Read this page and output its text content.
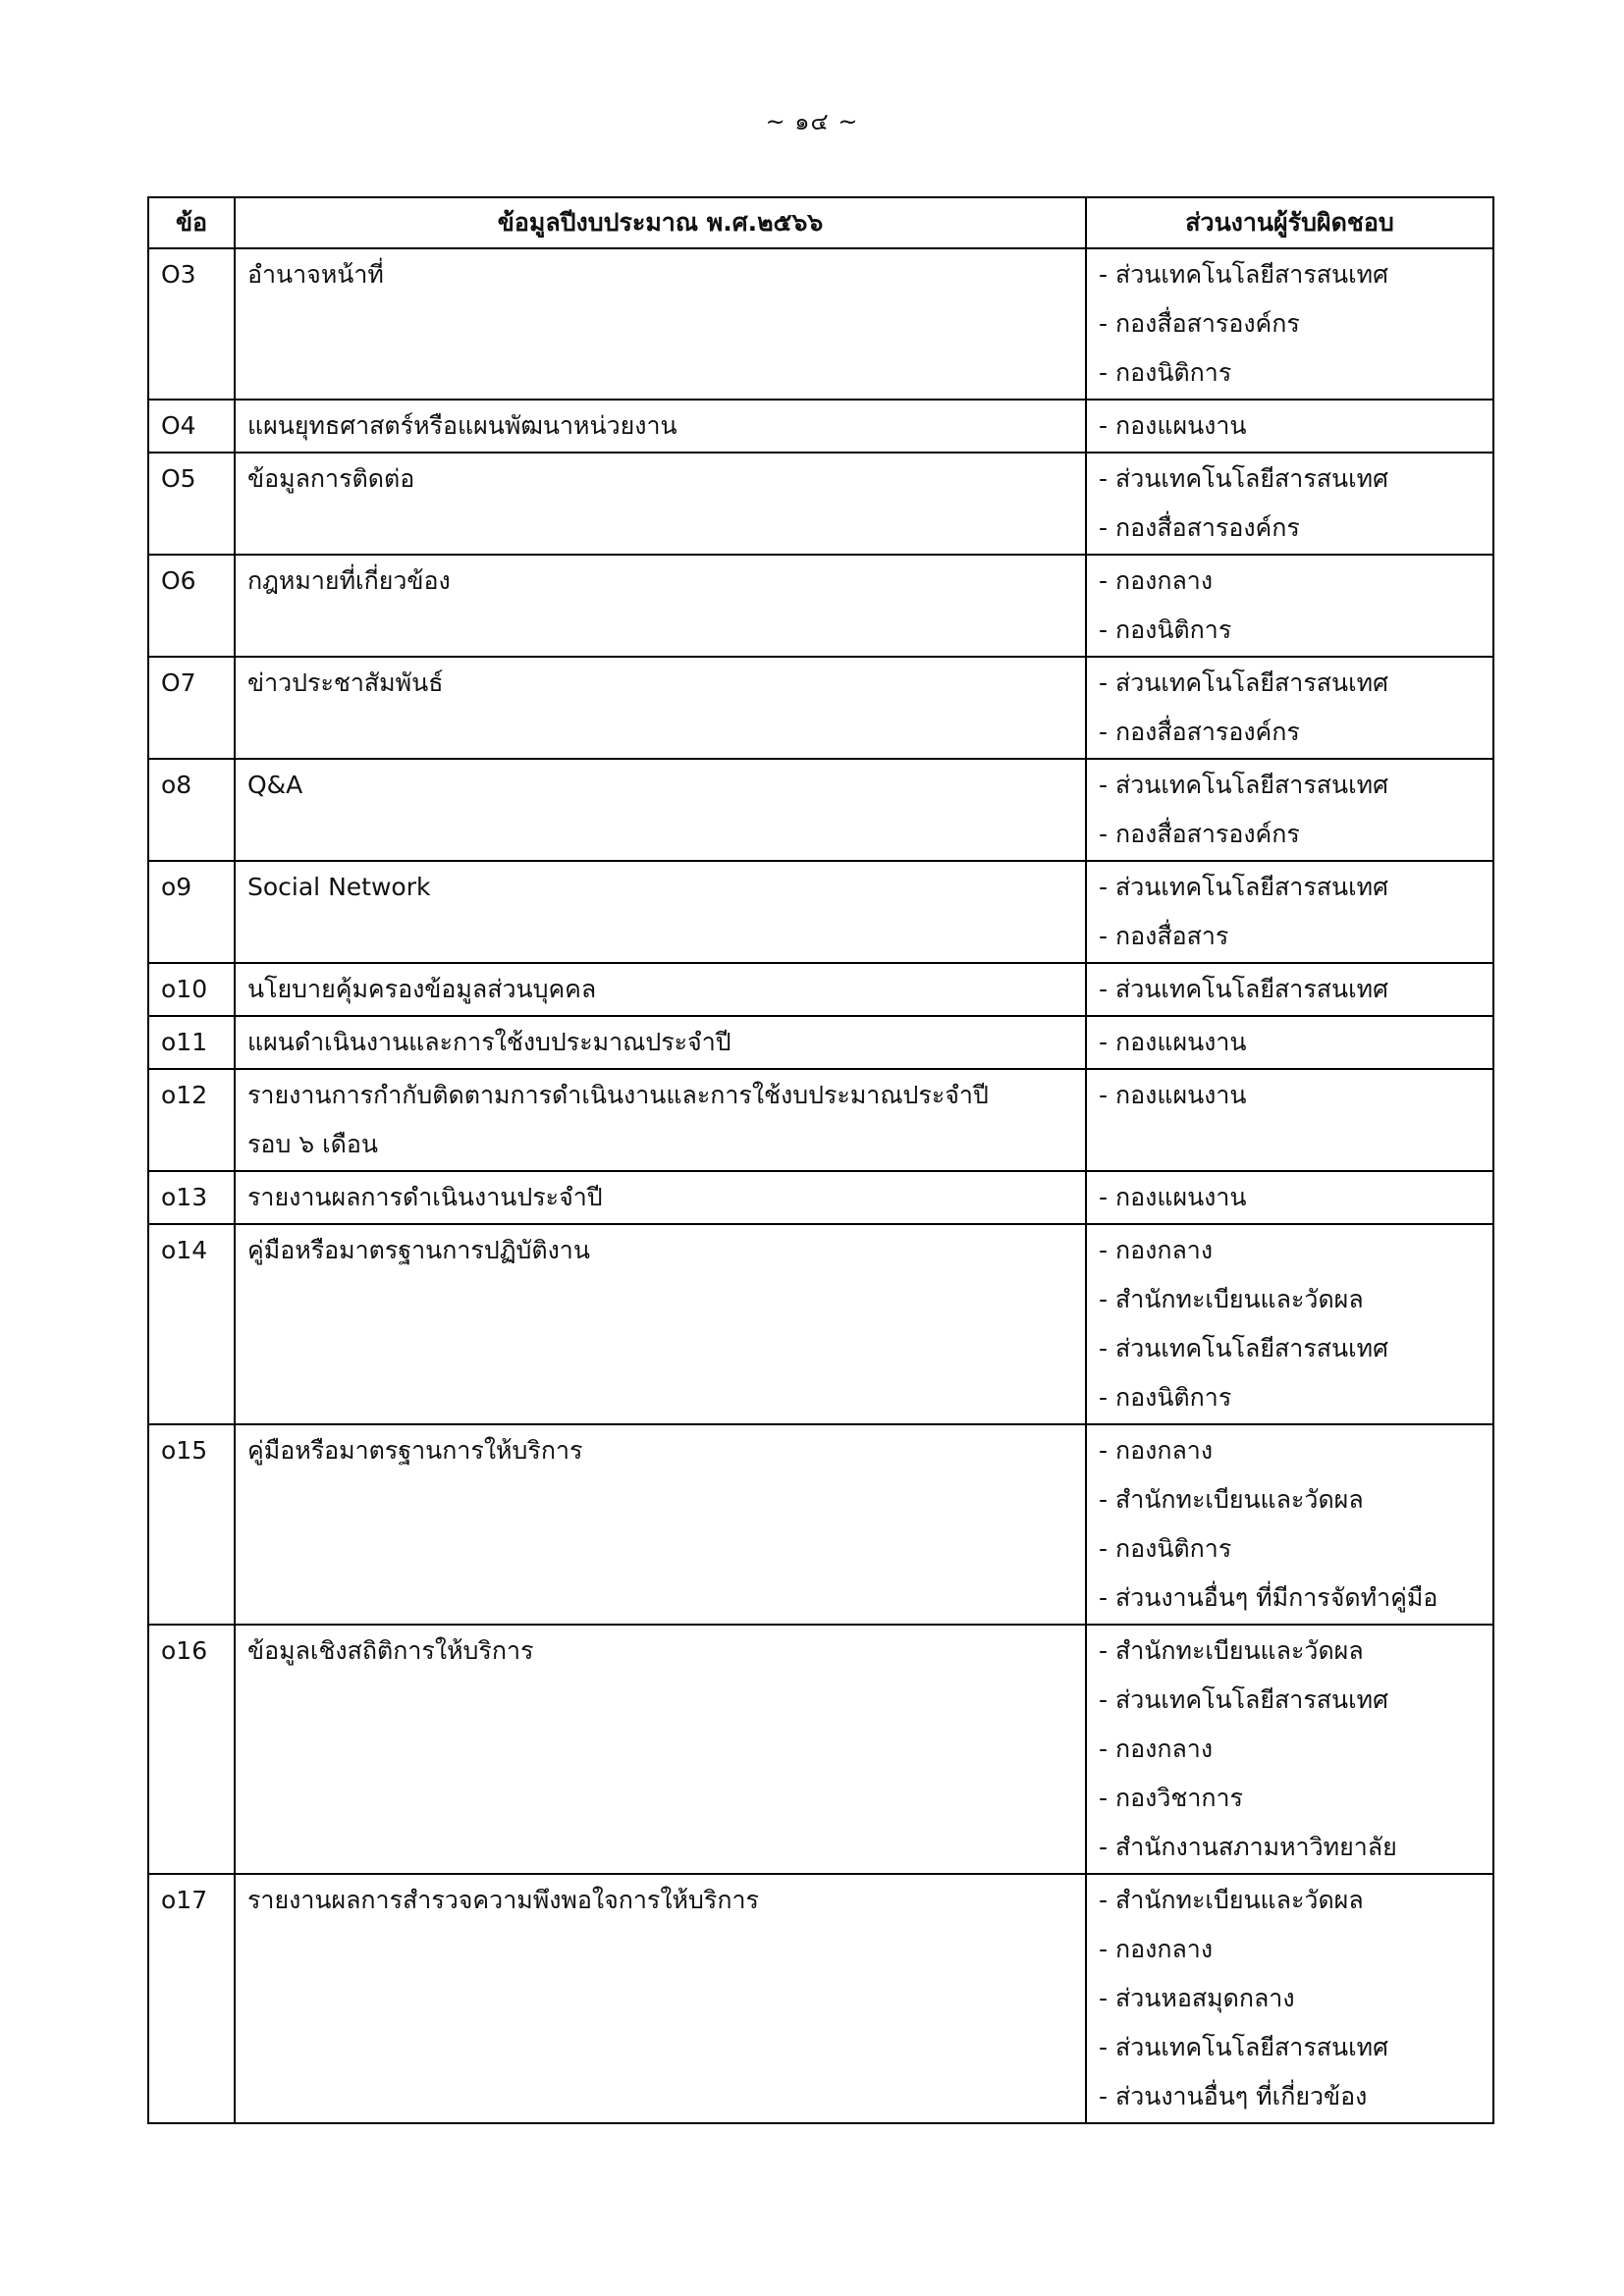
~ ๑๔ ~
ข้อ	ข้อมูลปีงบประมาณ พ.ศ.๒๕๖๖	ส่วนงานผู้รับผิดชอบ

O3	อำนาจหน้าที่	- ส่วนเทคโนโลยีสารสนเทศ
- กองสื่อสารองค์กร
- กองนิติการ

O4	แผนยุทธศาสตร์หรือแผนพัฒนาหน่วยงาน	- กองแผนงาน

O5	ข้อมูลการติดต่อ	- ส่วนเทคโนโลยีสารสนเทศ
- กองสื่อสารองค์กร

O6	กฎหมายที่เกี่ยวข้อง	- กองกลาง
- กองนิติการ

O7	ข่าวประชาสัมพันธ์	- ส่วนเทคโนโลยีสารสนเทศ
- กองสื่อสารองค์กร

o8	Q&A	- ส่วนเทคโนโลยีสารสนเทศ
- กองสื่อสารองค์กร

o9	Social Network	- ส่วนเทคโนโลยีสารสนเทศ
- กองสื่อสาร

o10	นโยบายคุ้มครองข้อมูลส่วนบุคคล	- ส่วนเทคโนโลยีสารสนเทศ

o11	แผนดำเนินงานและการใช้งบประมาณประจำปี	- กองแผนงาน

o12	รายงานการกำกับติดตามการดำเนินงานและการใช้งบประมาณประจำปี
รอบ ๖ เดือน	- กองแผนงาน

o13	รายงานผลการดำเนินงานประจำปี	- กองแผนงาน

o14	คู่มือหรือมาตรฐานการปฏิบัติงาน	- กองกลาง
- สำนักทะเบียนและวัดผล
- ส่วนเทคโนโลยีสารสนเทศ
- กองนิติการ

o15	คู่มือหรือมาตรฐานการให้บริการ	- กองกลาง
- สำนักทะเบียนและวัดผล
- กองนิติการ
- ส่วนงานอื่นๆ ที่มีการจัดทำคู่มือ

o16	ข้อมูลเชิงสถิติการให้บริการ	- สำนักทะเบียนและวัดผล
- ส่วนเทคโนโลยีสารสนเทศ
- กองกลาง
- กองวิชาการ
- สำนักงานสภามหาวิทยาลัย

o17	รายงานผลการสำรวจความพึงพอใจการให้บริการ	- สำนักทะเบียนและวัดผล
- กองกลาง
- ส่วนหอสมุดกลาง
- ส่วนเทคโนโลยีสารสนเทศ
- ส่วนงานอื่นๆ ที่เกี่ยวข้อง
